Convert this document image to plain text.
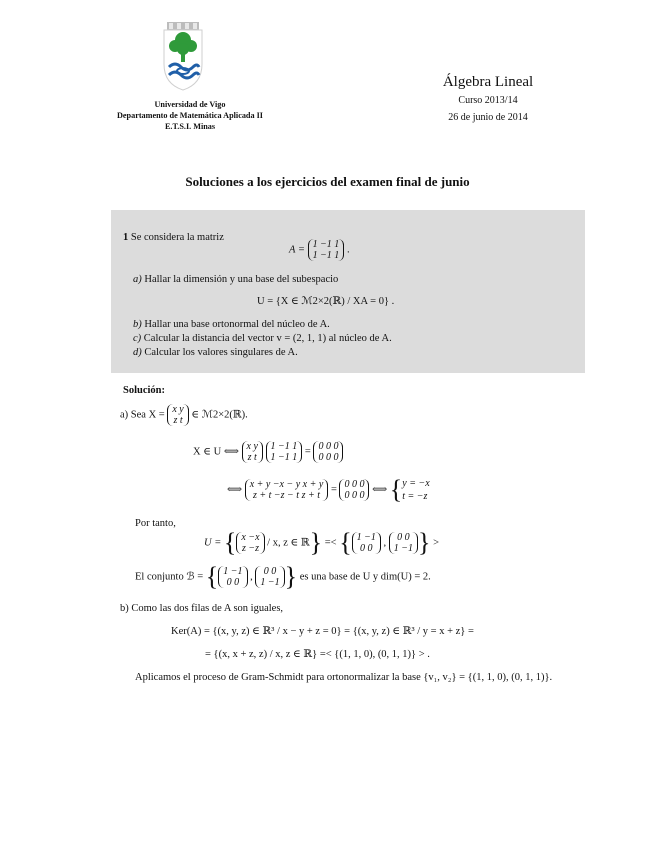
Universidad de Vigo
Departamento de Matemática Aplicada II
E.T.S.I. Minas
Álgebra Lineal
Curso 2013/14
26 de junio de 2014
Soluciones a los ejercicios del examen final de junio
1 Se considera la matriz
A = 1 −1 1
1 −1 1
.
a) Hallar la dimensión y una base del subespacio
U = {X ∈ ℳ2×2(ℝ) / XA = 0} .
b) Hallar una base ortonormal del núcleo de A.
c) Calcular la distancia del vector v = (2, 1, 1) al núcleo de A.
d) Calcular los valores singulares de A.
Solución:
a) Sea X = x y
z t
∈ ℳ2×2(ℝ).
X ∈ U ⟺ x y
z t

1 −1 1
1 −1 1
= 0 0 0
0 0 0
⟺ x + y −x − y x + y
z + t −z − t z + t
= 0 0 0
0 0 0
⟺ { y = −x
t = −z
Por tanto,
U = { x −x
z −z
/ x, z ∈ ℝ} =< { 1 −1
0 0
, 0 0
1 −1 } >
El conjunto ℬ = { 1 −1
0 0
, 0 0
1 −1 } es una base de U y dim(U) = 2.
b) Como las dos filas de A son iguales,
Ker(A) = {(x, y, z) ∈ ℝ³ / x − y + z = 0} = {(x, y, z) ∈ ℝ³ / y = x + z} =
= {(x, x + z, z) / x, z ∈ ℝ} =< {(1, 1, 0), (0, 1, 1)} > .
Aplicamos el proceso de Gram-Schmidt para ortonormalizar la base {v₁, v₂} = {(1, 1, 0), (0, 1, 1)}.
